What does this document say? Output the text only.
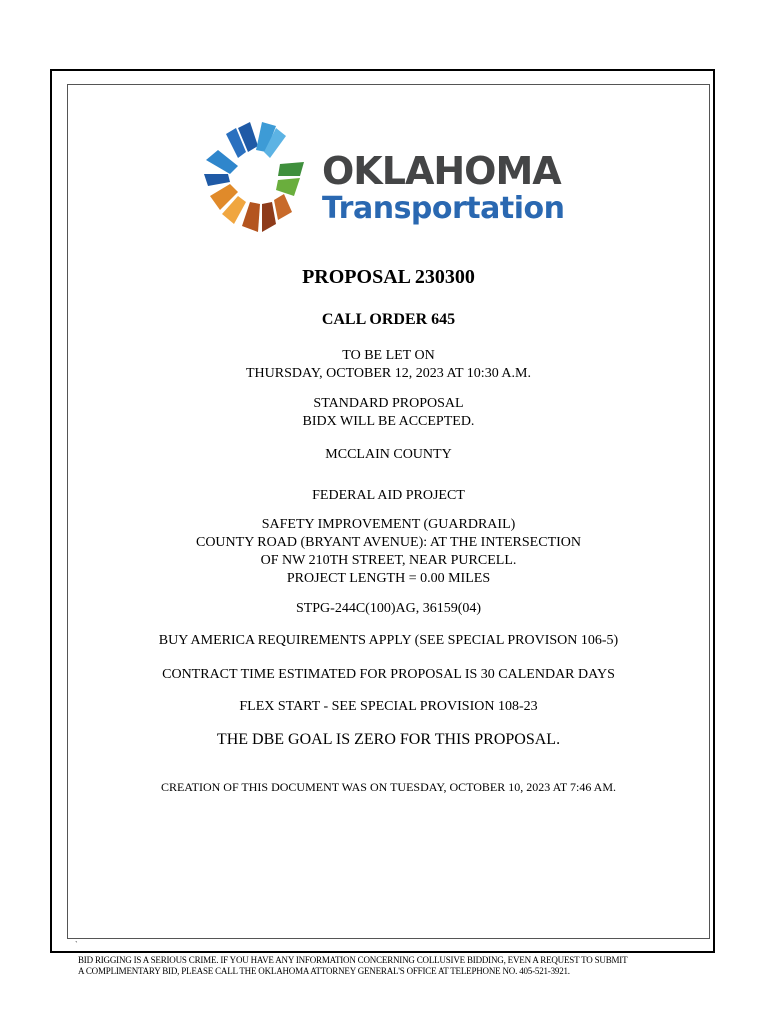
OKLAHOMA
Transportation
PROPOSAL 230300
CALL ORDER 645
TO BE LET ON
THURSDAY, OCTOBER 12, 2023 AT 10:30 A.M.
STANDARD PROPOSAL
BIDX WILL BE ACCEPTED.
MCCLAIN COUNTY
FEDERAL AID PROJECT
SAFETY IMPROVEMENT (GUARDRAIL)
COUNTY ROAD (BRYANT AVENUE): AT THE INTERSECTION
OF NW 210TH STREET, NEAR PURCELL.
PROJECT LENGTH = 0.00 MILES
STPG-244C(100)AG, 36159(04)
BUY AMERICA REQUIREMENTS APPLY (SEE SPECIAL PROVISON 106-5)
CONTRACT TIME ESTIMATED FOR PROPOSAL IS 30 CALENDAR DAYS
FLEX START - SEE SPECIAL PROVISION 108-23
THE DBE GOAL IS ZERO FOR THIS PROPOSAL.
CREATION OF THIS DOCUMENT WAS ON TUESDAY, OCTOBER 10, 2023 AT 7:46 AM.
`
BID RIGGING IS A SERIOUS CRIME. IF YOU HAVE ANY INFORMATION CONCERNING COLLUSIVE BIDDING, EVEN A REQUEST TO SUBMIT
A COMPLIMENTARY BID, PLEASE CALL THE OKLAHOMA ATTORNEY GENERAL'S OFFICE AT TELEPHONE NO. 405-521-3921.
